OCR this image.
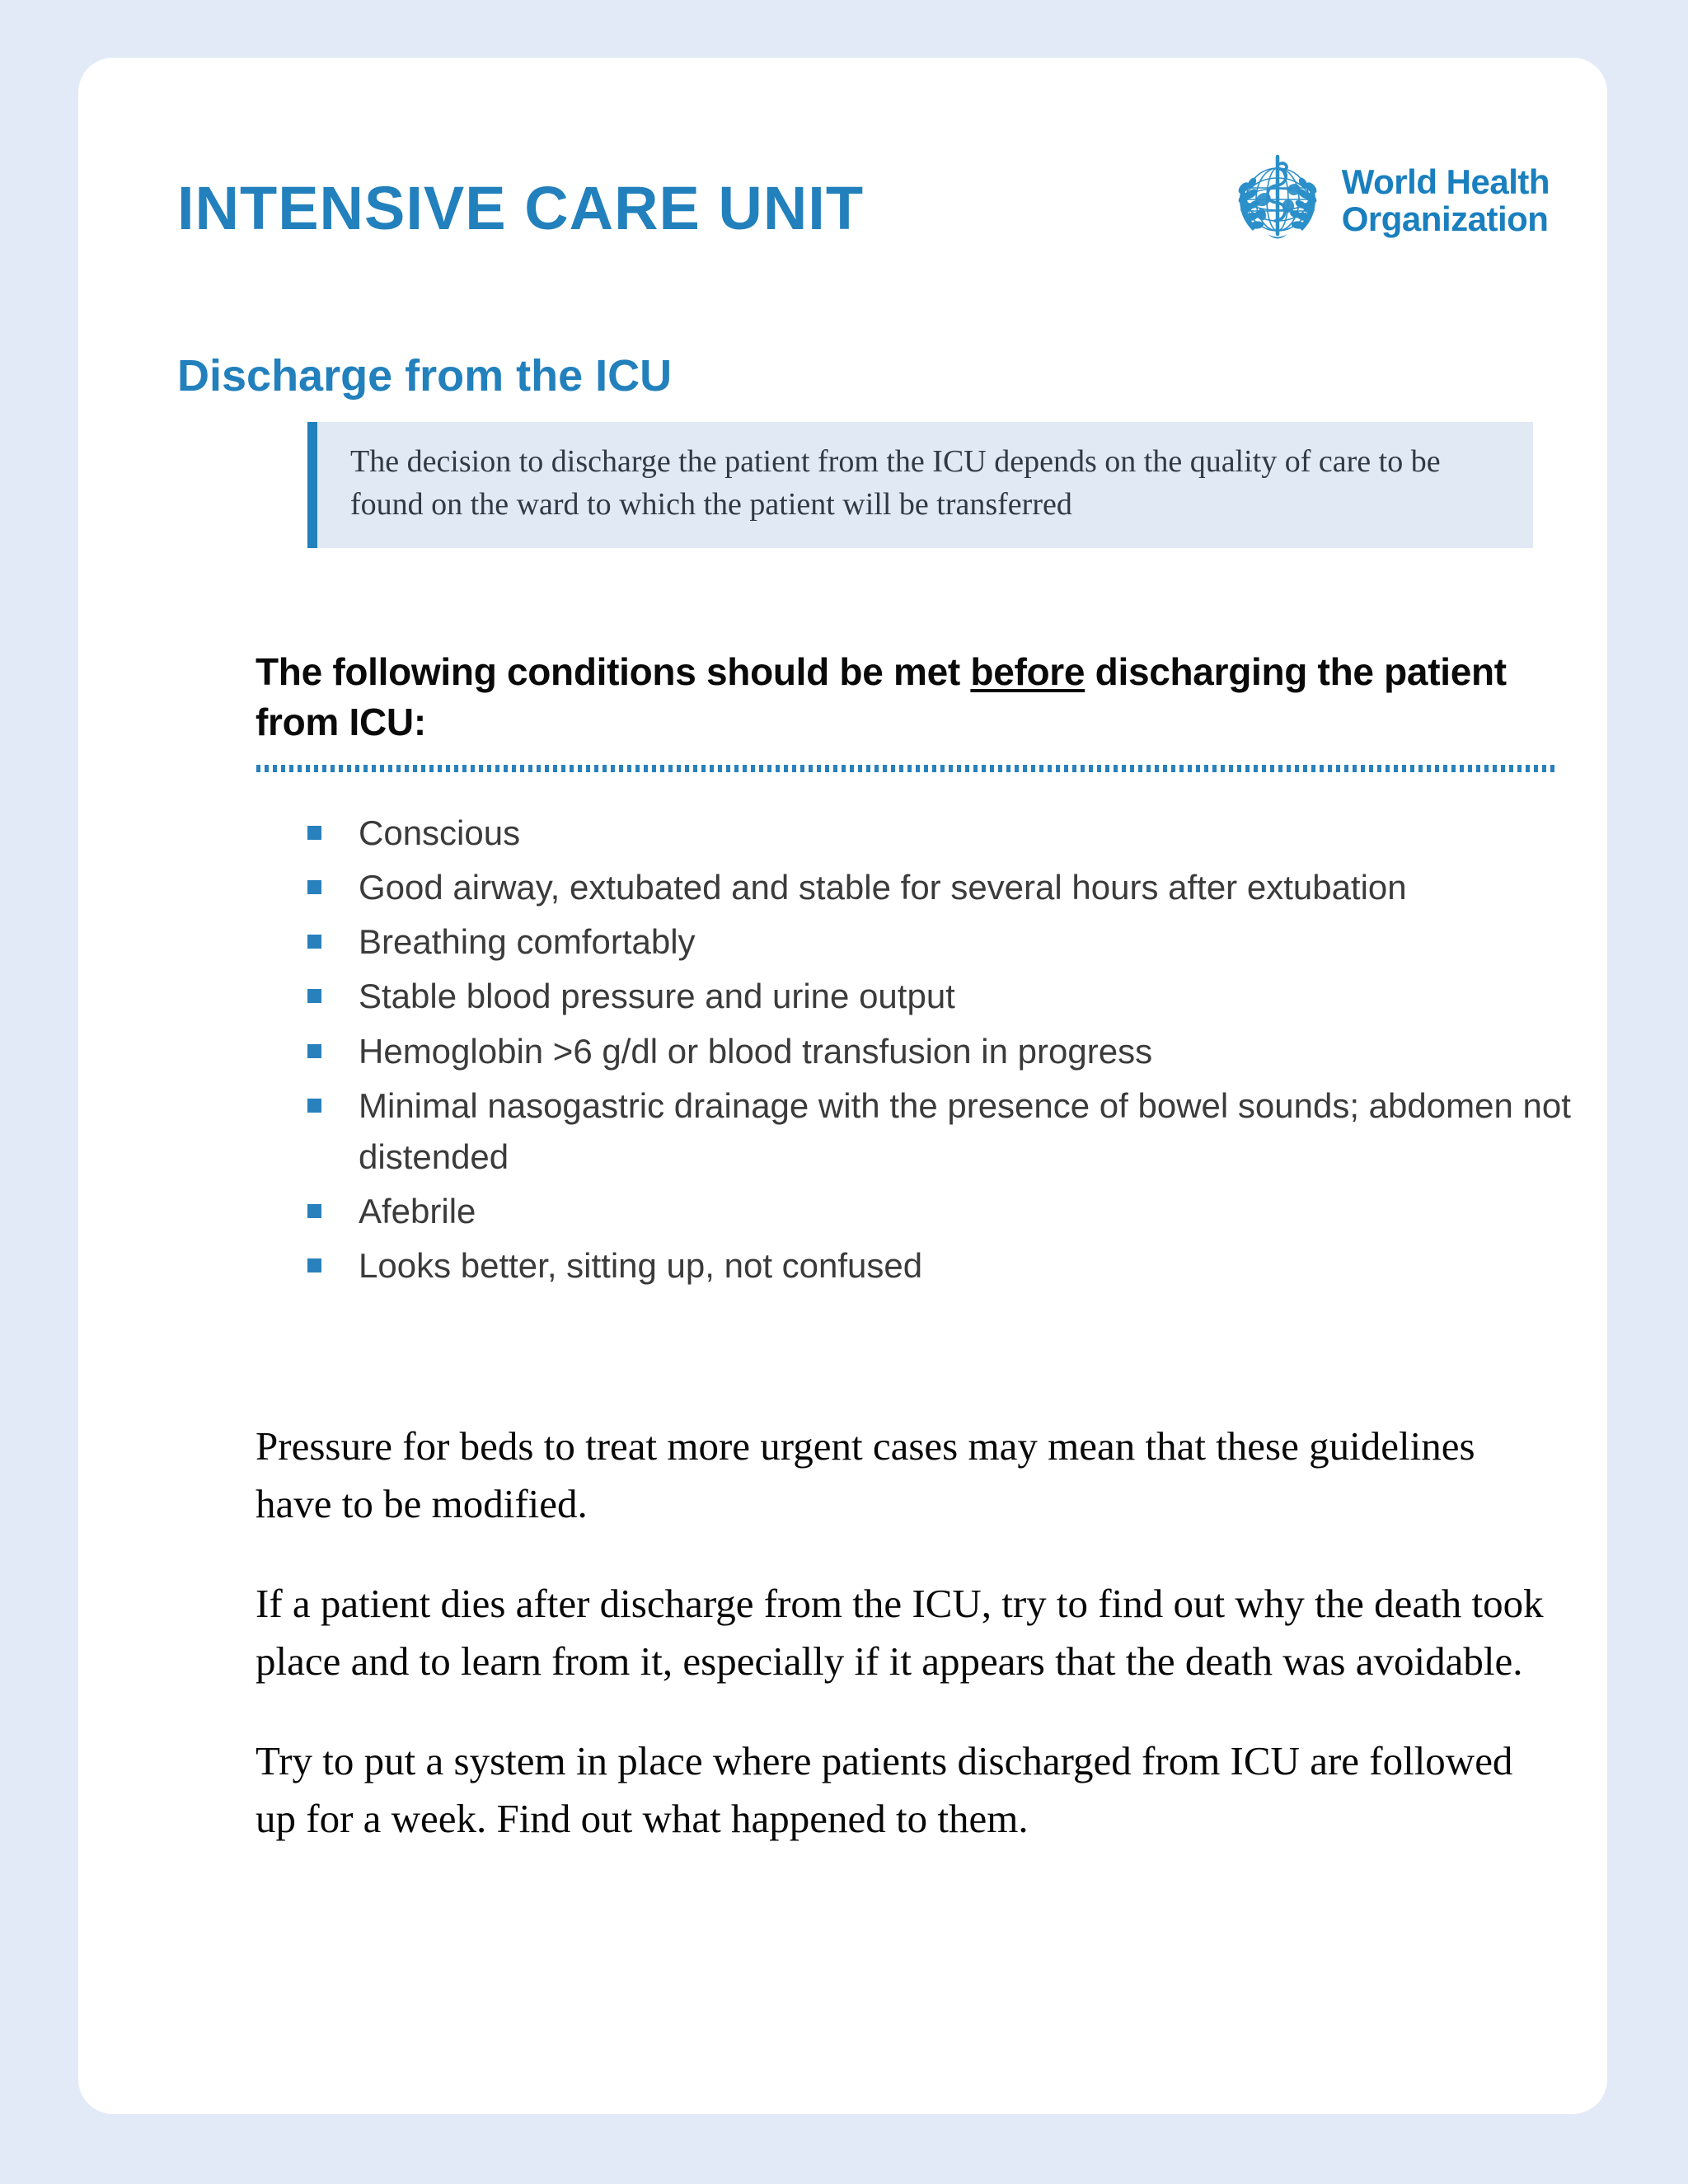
INTENSIVE CARE UNIT	World Health
Organization
Discharge from the ICU
The decision to discharge the patient from the ICU depends on the quality of care to be found on the ward to which the patient will be transferred
The following conditions should be met before discharging the patient from ICU:
Conscious
Good airway, extubated and stable for several hours after extubation
Breathing comfortably
Stable blood pressure and urine output
Hemoglobin >6 g/dl or blood transfusion in progress
Minimal nasogastric drainage with the presence of bowel sounds; abdomen not distended
Afebrile
Looks better, sitting up, not confused

Pressure for beds to treat more urgent cases may mean that these guidelines have to be modified.

If a patient dies after discharge from the ICU, try to find out why the death took place and to learn from it, especially if it appears that the death was avoidable.

Try to put a system in place where patients discharged from ICU are followed up for a week. Find out what happened to them.
